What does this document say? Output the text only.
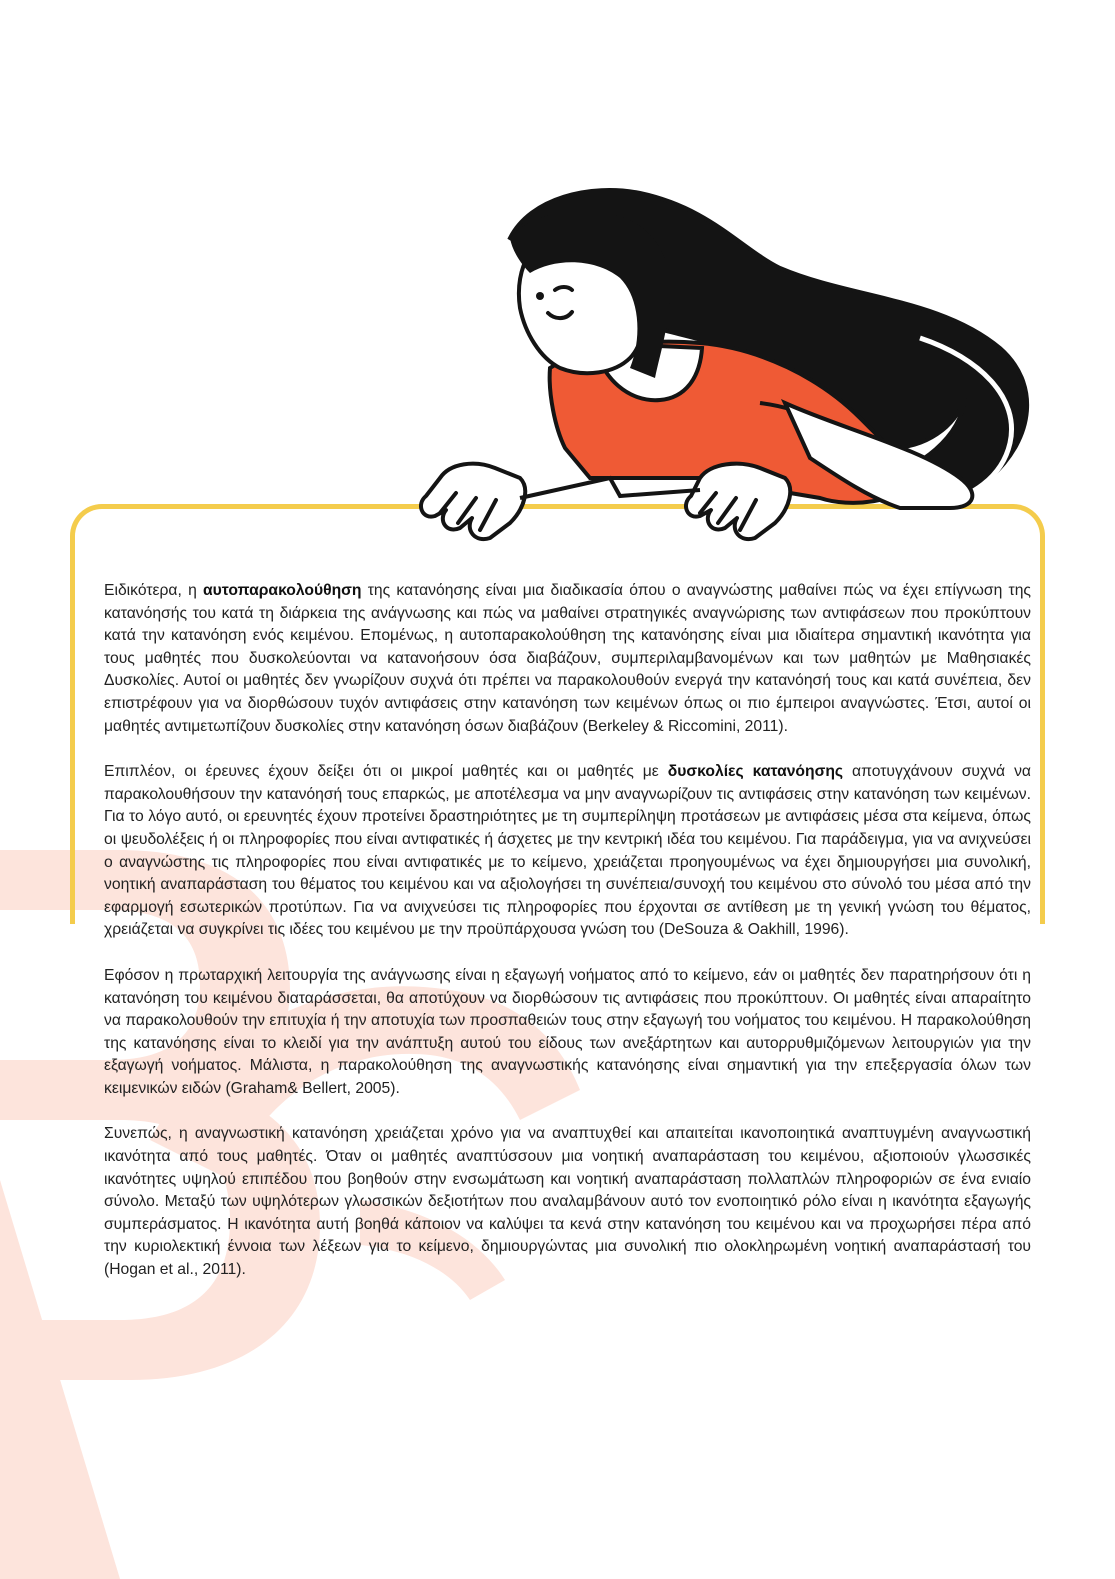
Ειδικότερα, η αυτοπαρακολούθηση της κατανόησης είναι μια διαδικασία όπου ο αναγνώστης μαθαίνει πώς να έχει επίγνωση της κατανόησής του κατά τη διάρκεια της ανάγνωσης και πώς να μαθαίνει στρατηγικές αναγνώρισης των αντιφάσεων που προκύπτουν κατά την κατανόηση ενός κειμένου. Επομένως, η αυτοπαρακολούθηση της κατανόησης είναι μια ιδιαίτερα σημαντική ικανότητα για τους μαθητές που δυσκολεύονται να κατανοήσουν όσα διαβάζουν, συμπεριλαμβανομένων και των μαθητών με Μαθησιακές Δυσκολίες. Αυτοί οι μαθητές δεν γνωρίζουν συχνά ότι πρέπει να παρακολουθούν ενεργά την κατανόησή τους και κατά συνέπεια, δεν επιστρέφουν για να διορθώσουν τυχόν αντιφάσεις στην κατανόηση των κειμένων όπως οι πιο έμπειροι αναγνώστες. Έτσι, αυτοί οι μαθητές αντιμετωπίζουν δυσκολίες στην κατανόηση όσων διαβάζουν (Berkeley & Riccomini, 2011).

Επιπλέον, οι έρευνες έχουν δείξει ότι οι μικροί μαθητές και οι μαθητές με δυσκολίες κατανόησης αποτυγχάνουν συχνά να παρακολουθήσουν την κατανόησή τους επαρκώς, με αποτέλεσμα να μην αναγνωρίζουν τις αντιφάσεις στην κατανόηση των κειμένων. Για το λόγο αυτό, οι ερευνητές έχουν προτείνει δραστηριότητες με τη συμπερίληψη προτάσεων με αντιφάσεις μέσα στα κείμενα, όπως οι ψευδολέξεις ή οι πληροφορίες που είναι αντιφατικές ή άσχετες με την κεντρική ιδέα του κειμένου. Για παράδειγμα, για να ανιχνεύσει ο αναγνώστης τις πληροφορίες που είναι αντιφατικές με το κείμενο, χρειάζεται προηγουμένως να έχει δημιουργήσει μια συνολική, νοητική αναπαράσταση του θέματος του κειμένου και να αξιολογήσει τη συνέπεια/συνοχή του κειμένου στο σύνολό του μέσα από την εφαρμογή εσωτερικών προτύπων. Για να ανιχνεύσει τις πληροφορίες που έρχονται σε αντίθεση με τη γενική γνώση του θέματος, χρειάζεται να συγκρίνει τις ιδέες του κειμένου με την προϋπάρχουσα γνώση του (DeSouza & Oakhill, 1996).

Εφόσον η πρωταρχική λειτουργία της ανάγνωσης είναι η εξαγωγή νοήματος από το κείμενο, εάν οι μαθητές δεν παρατηρήσουν ότι η κατανόηση του κειμένου διαταράσσεται, θα αποτύχουν να διορθώσουν τις αντιφάσεις που προκύπτουν. Οι μαθητές είναι απαραίτητο να παρακολουθούν την επιτυχία ή την αποτυχία των προσπαθειών τους στην εξαγωγή του νοήματος του κειμένου. Η παρακολούθηση της κατανόησης είναι το κλειδί για την ανάπτυξη αυτού του είδους των ανεξάρτητων και αυτορρυθμιζόμενων λειτουργιών για την εξαγωγή νοήματος. Μάλιστα, η παρακολούθηση της αναγνωστικής κατανόησης είναι σημαντική για την επεξεργασία όλων των κειμενικών ειδών (Graham& Bellert, 2005).

Συνεπώς, η αναγνωστική κατανόηση χρειάζεται χρόνο για να αναπτυχθεί και απαιτείται ικανοποιητικά αναπτυγμένη αναγνωστική ικανότητα από τους μαθητές. Όταν οι μαθητές αναπτύσσουν μια νοητική αναπαράσταση του κειμένου, αξιοποιούν γλωσσικές ικανότητες υψηλού επιπέδου που βοηθούν στην ενσωμάτωση και νοητική αναπαράσταση πολλαπλών πληροφοριών σε ένα ενιαίο σύνολο. Μεταξύ των υψηλότερων γλωσσικών δεξιοτήτων που αναλαμβάνουν αυτό τον ενοποιητικό ρόλο είναι η ικανότητα εξαγωγής συμπεράσματος. Η ικανότητα αυτή βοηθά κάποιον να καλύψει τα κενά στην κατανόηση του κειμένου και να προχωρήσει πέρα από την κυριολεκτική έννοια των λέξεων για το κείμενο, δημιουργώντας μια συνολική πιο ολοκληρωμένη νοητική αναπαράστασή του (Hogan et al., 2011).
